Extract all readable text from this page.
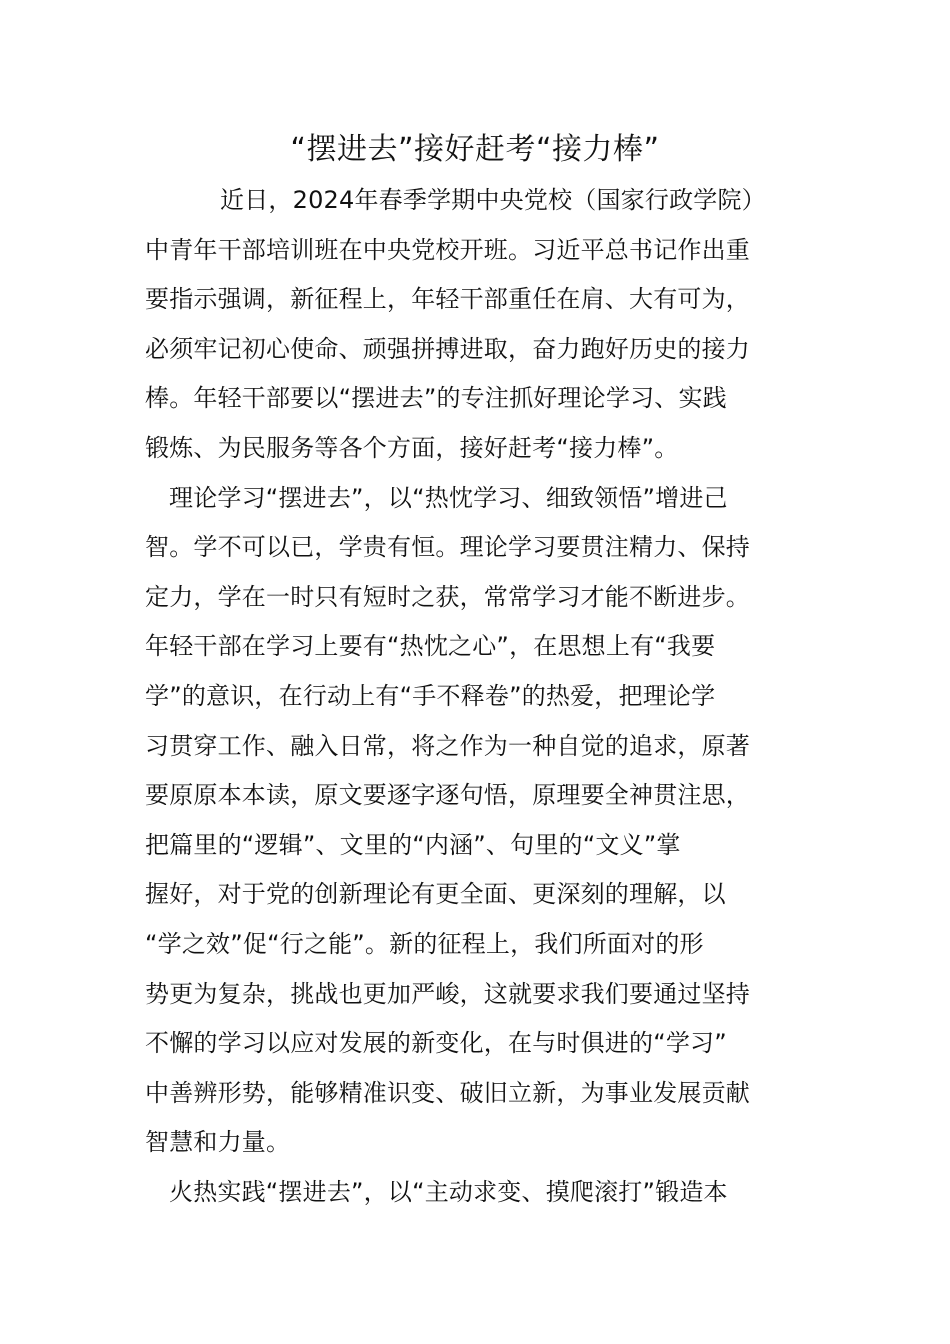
“摆进去”接好赶考“接力棒”
近日，2024年春季学期中央党校（国家行政学院）
中青年干部培训班在中央党校开班。习近平总书记作出重
要指示强调，新征程上，年轻干部重任在肩、大有可为，
必须牢记初心使命、顽强拼搏进取，奋力跑好历史的接力
棒。年轻干部要以“摆进去”的专注抓好理论学习、实践
锻炼、为民服务等各个方面，接好赶考“接力棒”。
理论学习“摆进去”，以“热忱学习、细致领悟”增进己
智。学不可以已，学贵有恒。理论学习要贯注精力、保持
定力，学在一时只有短时之获，常常学习才能不断进步。
年轻干部在学习上要有“热忱之心”，在思想上有“我要
学”的意识，在行动上有“手不释卷”的热爱，把理论学
习贯穿工作、融入日常，将之作为一种自觉的追求，原著
要原原本本读，原文要逐字逐句悟，原理要全神贯注思，
把篇里的“逻辑”、文里的“内涵”、句里的“文义”掌
握好，对于党的创新理论有更全面、更深刻的理解，以
“学之效”促“行之能”。新的征程上，我们所面对的形
势更为复杂，挑战也更加严峻，这就要求我们要通过坚持
不懈的学习以应对发展的新变化，在与时俱进的“学习”
中善辨形势，能够精准识变、破旧立新，为事业发展贡献
智慧和力量。
火热实践“摆进去”，以“主动求变、摸爬滚打”锻造本
